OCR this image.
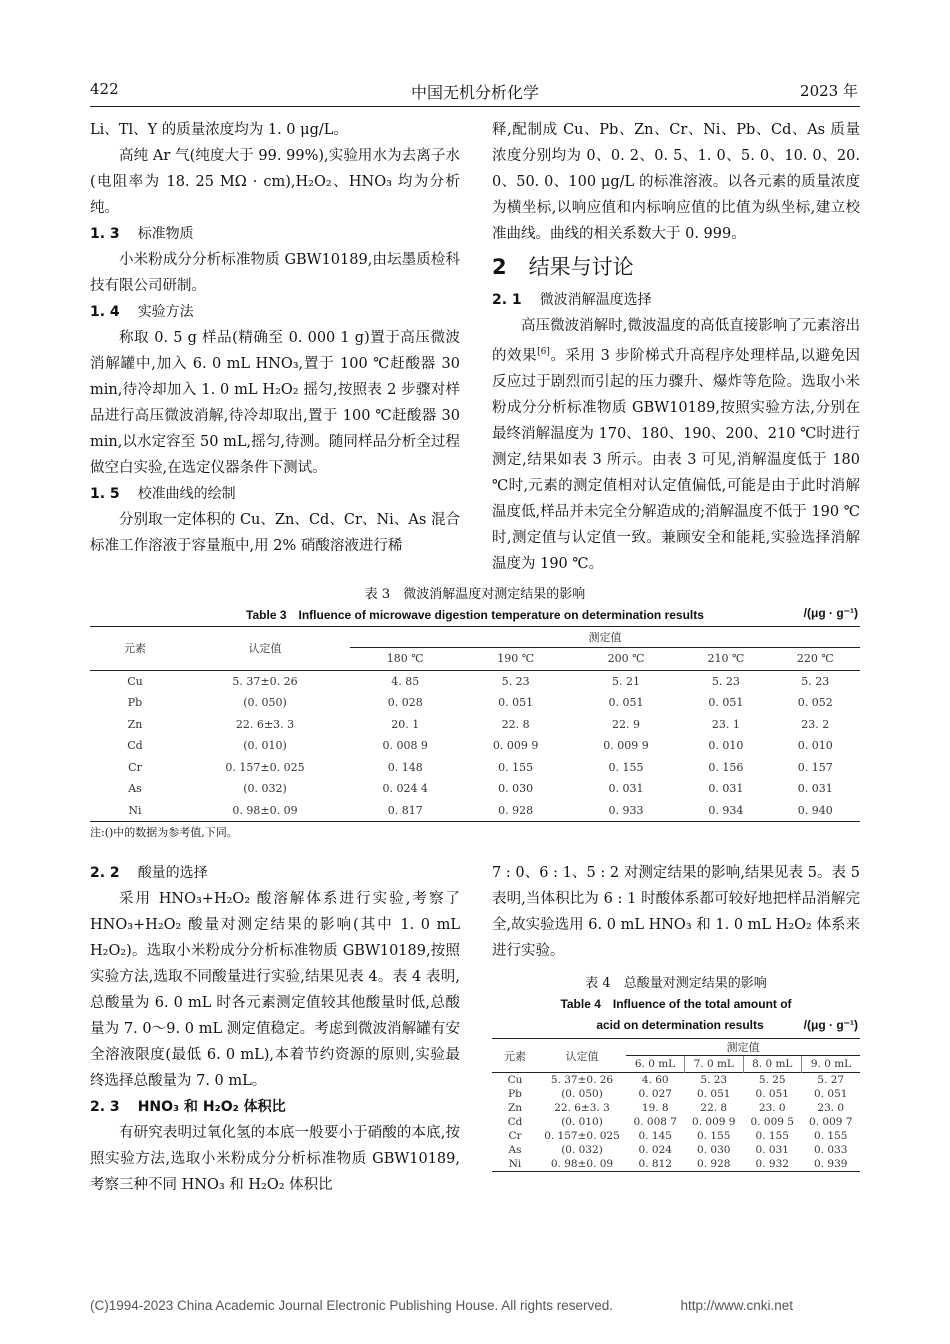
422	中国无机分析化学	2023 年

Li、Tl、Y 的质量浓度均为 1. 0 μg/L。

高纯 Ar 气(纯度大于 99. 99%),实验用水为去离子水(电阻率为 18. 25 MΩ · cm),H₂O₂、HNO₃ 均为分析纯。

1. 3 标准物质

小米粉成分分析标准物质 GBW10189,由坛墨质检科技有限公司研制。

1. 4 实验方法

称取 0. 5 g 样品(精确至 0. 000 1 g)置于高压微波消解罐中,加入 6. 0 mL HNO₃,置于 100 ℃赶酸器 30 min,待冷却加入 1. 0 mL H₂O₂ 摇匀,按照表 2 步骤对样品进行高压微波消解,待冷却取出,置于 100 ℃赶酸器 30 min,以水定容至 50 mL,摇匀,待测。随同样品分析全过程做空白实验,在选定仪器条件下测试。

1. 5 校准曲线的绘制

分别取一定体积的 Cu、Zn、Cd、Cr、Ni、As 混合标准工作溶液于容量瓶中,用 2% 硝酸溶液进行稀

释,配制成 Cu、Pb、Zn、Cr、Ni、Pb、Cd、As 质量浓度分别均为 0、0. 2、0. 5、1. 0、5. 0、10. 0、20. 0、50. 0、100 μg/L 的标准溶液。以各元素的质量浓度为横坐标,以响应值和内标响应值的比值为纵坐标,建立校准曲线。曲线的相关系数大于 0. 999。

2 结果与讨论

2. 1 微波消解温度选择

高压微波消解时,微波温度的高低直接影响了元素溶出的效果[6]。采用 3 步阶梯式升高程序处理样品,以避免因反应过于剧烈而引起的压力骤升、爆炸等危险。选取小米粉成分分析标准物质 GBW10189,按照实验方法,分别在最终消解温度为 170、180、190、200、210 ℃时进行测定,结果如表 3 所示。由表 3 可见,消解温度低于 180 ℃时,元素的测定值相对认定值偏低,可能是由于此时消解温度低,样品并未完全分解造成的;消解温度不低于 190 ℃时,测定值与认定值一致。兼顾安全和能耗,实验选择消解温度为 190 ℃。

表 3　微波消解温度对测定结果的影响
Table 3　Influence of microwave digestion temperature on determination results	/(μg · g⁻¹)
元素	认定值	测定值				
		180 ℃	190 ℃	200 ℃	210 ℃	220 ℃
Cu	5. 37±0. 26	4. 85	5. 23	5. 21	5. 23	5. 23
Pb	(0. 050)	0. 028	0. 051	0. 051	0. 051	0. 052
Zn	22. 6±3. 3	20. 1	22. 8	22. 9	23. 1	23. 2
Cd	(0. 010)	0. 008 9	0. 009 9	0. 009 9	0. 010	0. 010
Cr	0. 157±0. 025	0. 148	0. 155	0. 155	0. 156	0. 157
As	(0. 032)	0. 024 4	0. 030	0. 031	0. 031	0. 031
Ni	0. 98±0. 09	0. 817	0. 928	0. 933	0. 934	0. 940
注:()中的数据为参考值,下同。

2. 2 酸量的选择

采用 HNO₃+H₂O₂ 酸溶解体系进行实验,考察了 HNO₃+H₂O₂ 酸量对测定结果的影响(其中 1. 0 mL H₂O₂)。选取小米粉成分分析标准物质 GBW10189,按照实验方法,选取不同酸量进行实验,结果见表 4。表 4 表明,总酸量为 6. 0 mL 时各元素测定值较其他酸量时低,总酸量为 7. 0～9. 0 mL 测定值稳定。考虑到微波消解罐有安全溶液限度(最低 6. 0 mL),本着节约资源的原则,实验最终选择总酸量为 7. 0 mL。

2. 3 HNO₃ 和 H₂O₂ 体积比

有研究表明过氧化氢的本底一般要小于硝酸的本底,按照实验方法,选取小米粉成分分析标准物质 GBW10189,考察三种不同 HNO₃ 和 H₂O₂ 体积比

7 : 0、6 : 1、5 : 2 对测定结果的影响,结果见表 5。表 5 表明,当体积比为 6 : 1 时酸体系都可较好地把样品消解完全,故实验选用 6. 0 mL HNO₃ 和 1. 0 mL H₂O₂ 体系来进行实验。

表 4　总酸量对测定结果的影响
Table 4　Influence of the total amount of
acid on determination results	/(μg · g⁻¹)
元素	认定值	测定值			
		6. 0 mL	7. 0 mL	8. 0 mL	9. 0 mL
Cu	5. 37±0. 26	4. 60	5. 23	5. 25	5. 27
Pb	(0. 050)	0. 027	0. 051	0. 051	0. 051
Zn	22. 6±3. 3	19. 8	22. 8	23. 0	23. 0
Cd	(0. 010)	0. 008 7	0. 009 9	0. 009 5	0. 009 7
Cr	0. 157±0. 025	0. 145	0. 155	0. 155	0. 155
As	(0. 032)	0. 024	0. 030	0. 031	0. 033
Ni	0. 98±0. 09	0. 812	0. 928	0. 932	0. 939
(C)1994-2023 China Academic Journal Electronic Publishing House. All rights reserved.	http://www.cnki.net
